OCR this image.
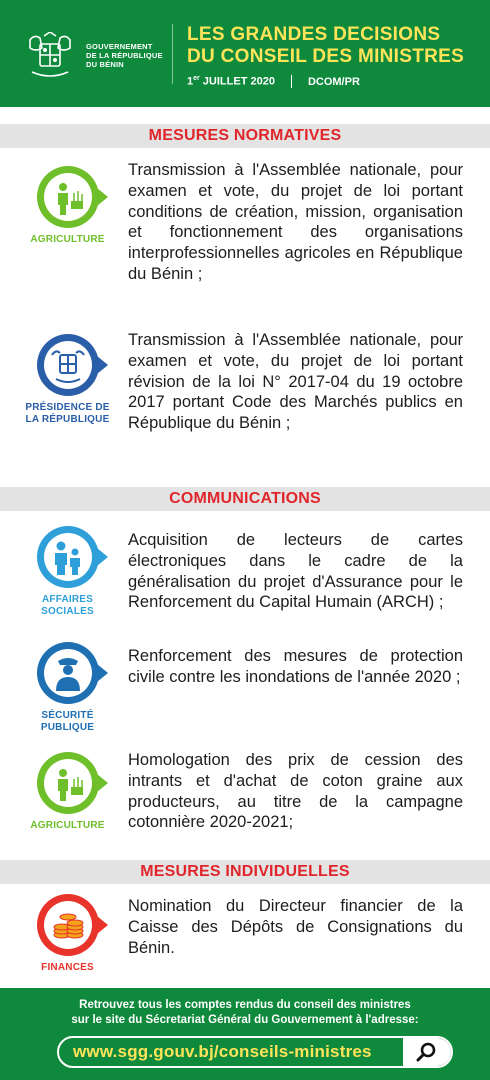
GOUVERNEMENT
DE LA RÉPUBLIQUE
DU BÉNIN
LES GRANDES DECISIONS
DU CONSEIL DES MINISTRES
1er JUILLET 2020	DCOM/PR
MESURES NORMATIVES
AGRICULTURE
Transmission à l'Assemblée nationale, pour examen et vote, du projet de loi portant conditions de création, mission, organisation et fonctionnement des organisations interprofessionnelles agricoles en République du Bénin ;
PRÉSIDENCE DE
LA RÉPUBLIQUE
Transmission à l'Assemblée nationale, pour examen et vote, du projet de loi portant révision de la loi N° 2017-04 du 19 octobre 2017 portant Code des Marchés publics en République du Bénin ;
COMMUNICATIONS
AFFAIRES
SOCIALES
Acquisition de lecteurs de cartes électroniques dans le cadre de la généralisation du projet d'Assurance pour le Renforcement du Capital Humain (ARCH) ;
SÉCURITÉ
PUBLIQUE
Renforcement des mesures de protection civile contre les inondations de l'année 2020 ;
AGRICULTURE
Homologation des prix de cession des intrants et d'achat de coton graine aux producteurs, au titre de la campagne cotonnière 2020-2021;
MESURES INDIVIDUELLES
FINANCES
Nomination du Directeur financier de la Caisse des Dépôts de Consignations du Bénin.
Retrouvez tous les comptes rendus du conseil des ministres
sur le site du Sécretariat Général du Gouvernement à l'adresse:
www.sgg.gouv.bj/conseils-ministres
